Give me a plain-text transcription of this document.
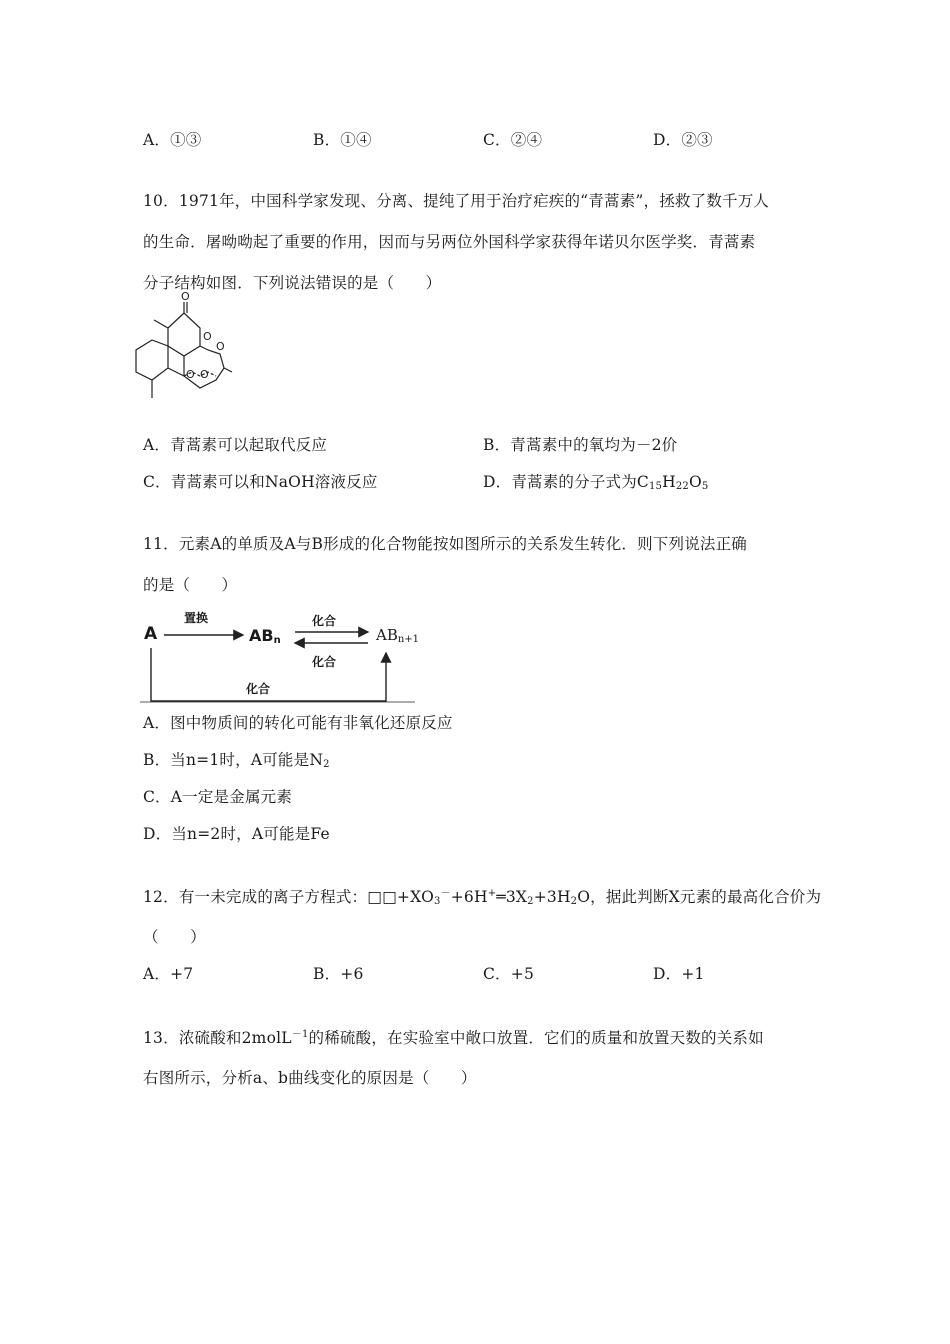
A．①③	B．①④	C．②④	D．②③
10．1971年，中国科学家发现、分离、提纯了用于治疗疟疾的“青蒿素”，拯救了数千万人
的生命．屠呦呦起了重要的作用，因而与另两位外国科学家获得年诺贝尔医学奖．青蒿素
分子结构如图．下列说法错误的是（　　）
O
O
O
O O
A．青蒿素可以起取代反应	B．青蒿素中的氧均为－2价
C．青蒿素可以和NaOH溶液反应	D．青蒿素的分子式为$C_{15}H_{22}O_5$
11．元素A的单质及A与B形成的化合物能按如图所示的关系发生转化．则下列说法正确
的是（　　）
A	$AB_n$	$AB_{n+1}$
置换	化合
化合
化合
A．图中物质间的转化可能有非氧化还原反应
B．当n=1时，A可能是$N_2$
C．A一定是金属元素
D．当n=2时，A可能是Fe
12．有一未完成的离子方程式：$□□+XO_3^-+6H^+═3X_2+3H_2O$，据此判断X元素的最高化合价为
（　　）
A．+7	B．+6	C．+5	D．+1
13．浓硫酸和2molL$^{-1}$的稀硫酸，在实验室中敞口放置．它们的质量和放置天数的关系如
右图所示，分析a、b曲线变化的原因是（　　）
